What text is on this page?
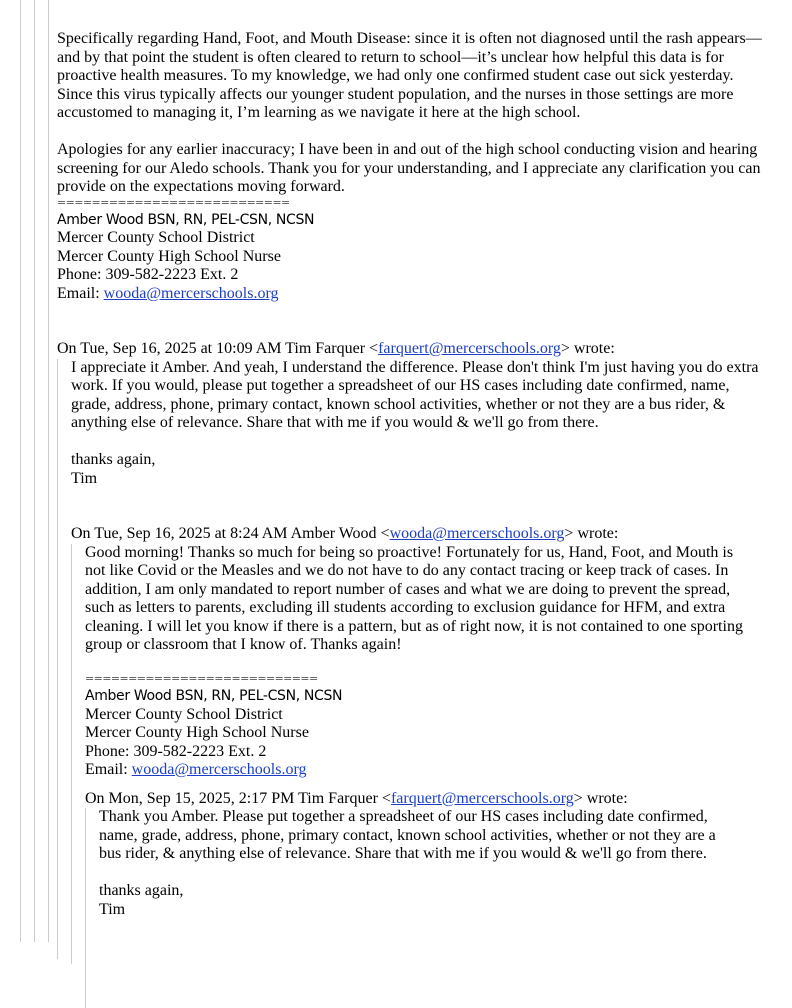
Specifically regarding Hand, Foot, and Mouth Disease: since it is often not diagnosed until the rash appears—and by that point the student is often cleared to return to school—it’s unclear how helpful this data is for proactive health measures. To my knowledge, we had only one confirmed student case out sick yesterday. Since this virus typically affects our younger student population, and the nurses in those settings are more accustomed to managing it, I’m learning as we navigate it here at the high school.

Apologies for any earlier inaccuracy; I have been in and out of the high school conducting vision and hearing screening for our Aledo schools. Thank you for your understanding, and I appreciate any clarification you can provide on the expectations moving forward.

===========================
Amber Wood BSN, RN, PEL-CSN, NCSN
Mercer County School District
Mercer County High School Nurse
Phone: 309-582-2223 Ext. 2
Email: wooda@mercerschools.org
On Tue, Sep 16, 2025 at 10:09 AM Tim Farquer <farquert@mercerschools.org> wrote:

I appreciate it Amber. And yeah, I understand the difference. Please don't think I'm just having you do extra work. If you would, please put together a spreadsheet of our HS cases including date confirmed, name, grade, address, phone, primary contact, known school activities, whether or not they are a bus rider, & anything else of relevance. Share that with me if you would & we'll go from there.

thanks again,
Tim
On Tue, Sep 16, 2025 at 8:24 AM Amber Wood <wooda@mercerschools.org> wrote:

Good morning! Thanks so much for being so proactive! Fortunately for us, Hand, Foot, and Mouth is not like Covid or the Measles and we do not have to do any contact tracing or keep track of cases. In addition, I am only mandated to report number of cases and what we are doing to prevent the spread, such as letters to parents, excluding ill students according to exclusion guidance for HFM, and extra cleaning. I will let you know if there is a pattern, but as of right now, it is not contained to one sporting group or classroom that I know of. Thanks again!

===========================
Amber Wood BSN, RN, PEL-CSN, NCSN
Mercer County School District
Mercer County High School Nurse
Phone: 309-582-2223 Ext. 2
Email: wooda@mercerschools.org
On Mon, Sep 15, 2025, 2:17 PM Tim Farquer <farquert@mercerschools.org> wrote:

Thank you Amber. Please put together a spreadsheet of our HS cases including date confirmed, name, grade, address, phone, primary contact, known school activities, whether or not they are a bus rider, & anything else of relevance. Share that with me if you would & we'll go from there.

thanks again,
Tim
